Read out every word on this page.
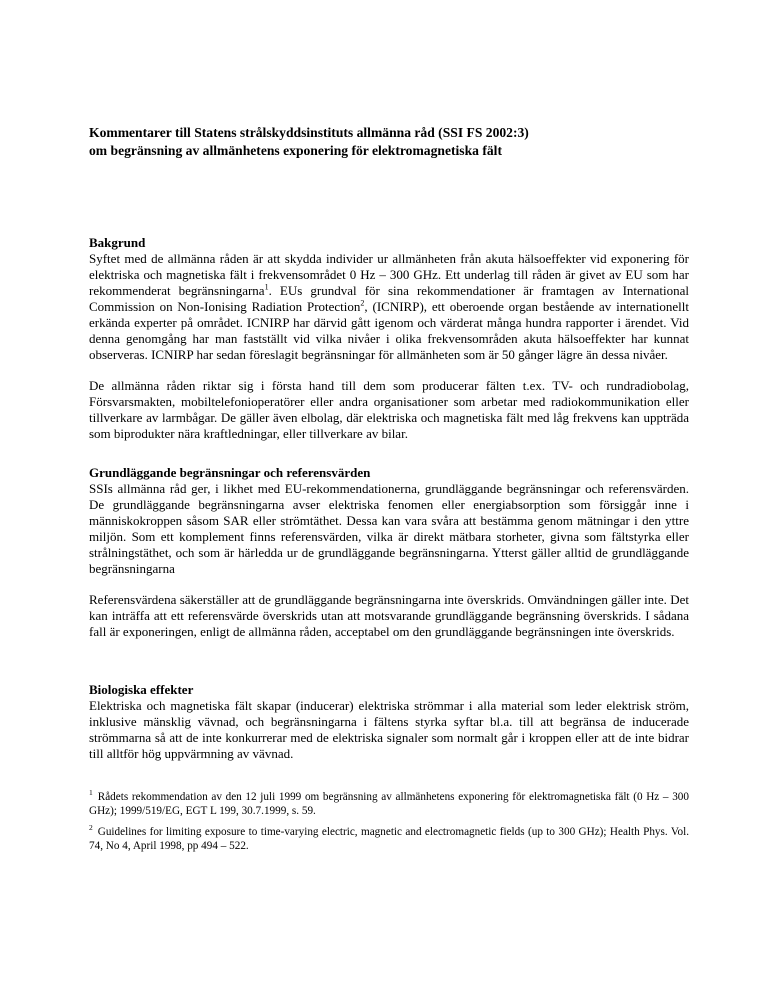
Kommentarer till Statens strålskyddsinstituts allmänna råd (SSI FS 2002:3)
om begränsning av allmänhetens exponering för elektromagnetiska fält

Bakgrund

Syftet med de allmänna råden är att skydda individer ur allmänheten från akuta hälsoeffekter vid exponering för elektriska och magnetiska fält i frekvensområdet 0 Hz – 300 GHz. Ett underlag till råden är givet av EU som har rekommenderat begränsningarna$^1$. EUs grundval för sina rekommendationer är framtagen av International Commission on Non-Ionising Radiation Protection$^2$, (ICNIRP), ett oberoende organ bestående av internationellt erkända experter på området. ICNIRP har därvid gått igenom och värderat många hundra rapporter i ärendet. Vid denna genomgång har man fastställt vid vilka nivåer i olika frekvensområden akuta hälsoeffekter har kunnat observeras. ICNIRP har sedan föreslagit begränsningar för allmänheten som är 50 gånger lägre än dessa nivåer.

De allmänna råden riktar sig i första hand till dem som producerar fälten t.ex. TV- och rundradiobolag, Försvarsmakten, mobiltelefonioperatörer eller andra organisationer som arbetar med radiokommunikation eller tillverkare av larmbågar. De gäller även elbolag, där elektriska och magnetiska fält med låg frekvens kan uppträda som biprodukter nära kraftledningar, eller tillverkare av bilar.

Grundläggande begränsningar och referensvärden

SSIs allmänna råd ger, i likhet med EU-rekommendationerna, grundläggande begränsningar och referensvärden. De grundläggande begränsningarna avser elektriska fenomen eller energiabsorption som försiggår inne i människokroppen såsom SAR eller strömtäthet. Dessa kan vara svåra att bestämma genom mätningar i den yttre miljön. Som ett komplement finns referensvärden, vilka är direkt mätbara storheter, givna som fältstyrka eller strålningstäthet, och som är härledda ur de grundläggande begränsningarna. Ytterst gäller alltid de grundläggande begränsningarna

Referensvärdena säkerställer att de grundläggande begränsningarna inte överskrids. Omvändningen gäller inte. Det kan inträffa att ett referensvärde överskrids utan att motsvarande grundläggande begränsning överskrids. I sådana fall är exponeringen, enligt de allmänna råden, acceptabel om den grundläggande begränsningen inte överskrids.

Biologiska effekter

Elektriska och magnetiska fält skapar (inducerar) elektriska strömmar i alla material som leder elektrisk ström, inklusive mänsklig vävnad, och begränsningarna i fältens styrka syftar bl.a. till att begränsa de inducerade strömmarna så att de inte konkurrerar med de elektriska signaler som normalt går i kroppen eller att de inte bidrar till alltför hög uppvärmning av vävnad.

$^1$ Rådets rekommendation av den 12 juli 1999 om begränsning av allmänhetens exponering för elektromagnetiska fält (0 Hz – 300 GHz); 1999/519/EG, EGT L 199, 30.7.1999, s. 59.

$^2$ Guidelines for limiting exposure to time-varying electric, magnetic and electromagnetic fields (up to 300 GHz); Health Phys. Vol. 74, No 4, April 1998, pp 494 – 522.
